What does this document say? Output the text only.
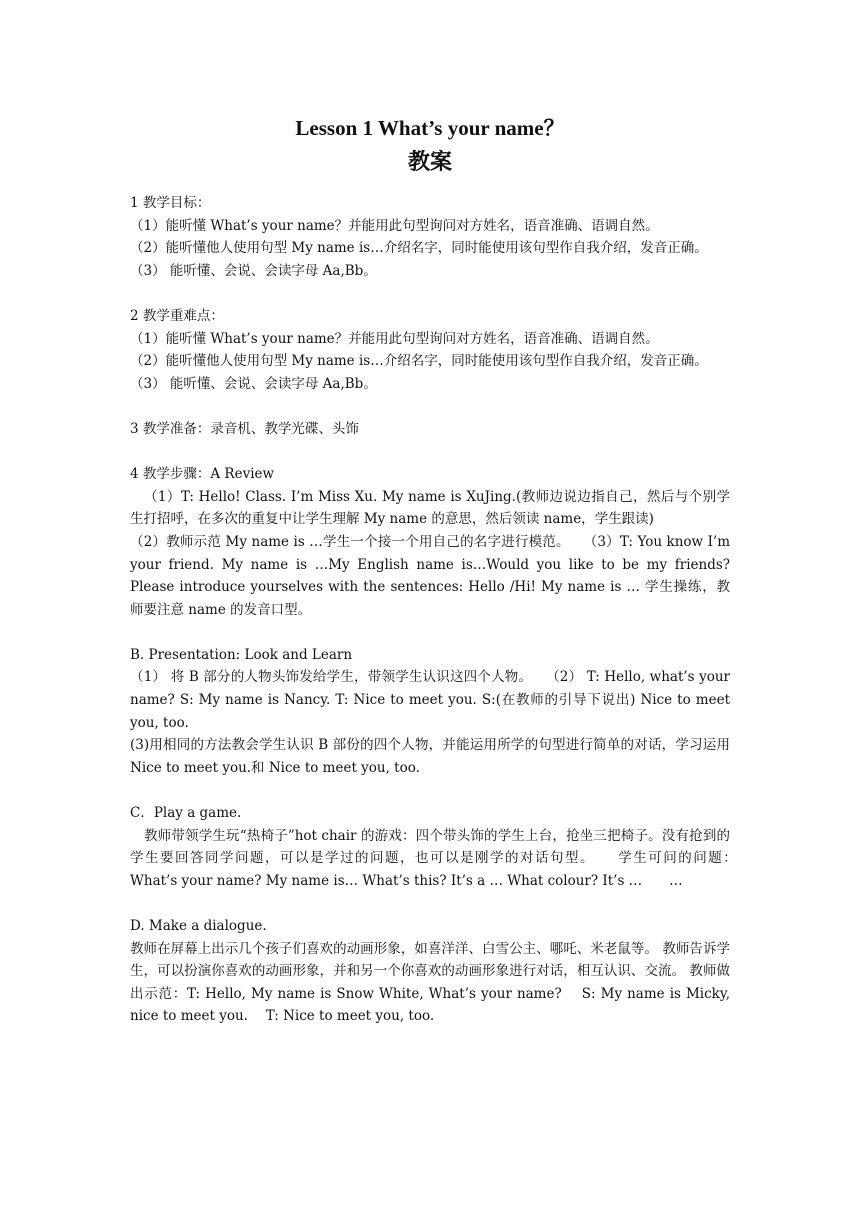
Lesson 1 What’s your name？

教案

1 教学目标：

（1）能听懂 What’s your name？并能用此句型询问对方姓名，语音准确、语调自然。

（2）能听懂他人使用句型 My name is…介绍名字，同时能使用该句型作自我介绍，发音正确。

（3） 能听懂、会说、会读字母 Aa,Bb。

2 教学重难点：

（1）能听懂 What’s your name？并能用此句型询问对方姓名，语音准确、语调自然。

（2）能听懂他人使用句型 My name is…介绍名字，同时能使用该句型作自我介绍，发音正确。

（3） 能听懂、会说、会读字母 Aa,Bb。

3 教学准备：录音机、教学光碟、头饰

4 教学步骤：A Review

（1）T: Hello! Class. I’m Miss Xu. My name is XuJing.(教师边说边指自己，然后与个别学生打招呼，在多次的重复中让学生理解 My name 的意思，然后领读 name，学生跟读)

（2）教师示范 My name is …学生一个接一个用自己的名字进行模范。　　（3）T: You know I’m your friend. My name is …My English name is…Would you like to be my friends? Please introduce yourselves with the sentences: Hello /Hi! My name is … 学生操练，教师要注意 name 的发音口型。

B. Presentation: Look and Learn

（1） 将 B 部分的人物头饰发给学生，带领学生认识这四个人物。　　（2） T: Hello, what’s your name? S: My name is Nancy. T: Nice to meet you. S:(在教师的引导下说出) Nice to meet you, too.

(3)用相同的方法教会学生认识 B 部份的四个人物，并能运用所学的句型进行简单的对话，学习运用 Nice to meet you.和 Nice to meet you, too.

C．Play a game.

教师带领学生玩“热椅子”hot chair 的游戏：四个带头饰的学生上台，抢坐三把椅子。没有抢到的学生要回答同学问题，可以是学过的问题，也可以是刚学的对话句型。　　学生可问的问题：　　　What’s your name? My name is… What’s this? It’s a … What colour? It’s …　　…

D. Make a dialogue.

教师在屏幕上出示几个孩子们喜欢的动画形象，如喜洋洋、白雪公主、哪吒、米老鼠等。 教师告诉学生，可以扮演你喜欢的动画形象，并和另一个你喜欢的动画形象进行对话，相互认识、交流。 教师做出示范：T: Hello, My name is Snow White, What’s your name?　 S: My name is Micky, nice to meet you.　 T: Nice to meet you, too.
